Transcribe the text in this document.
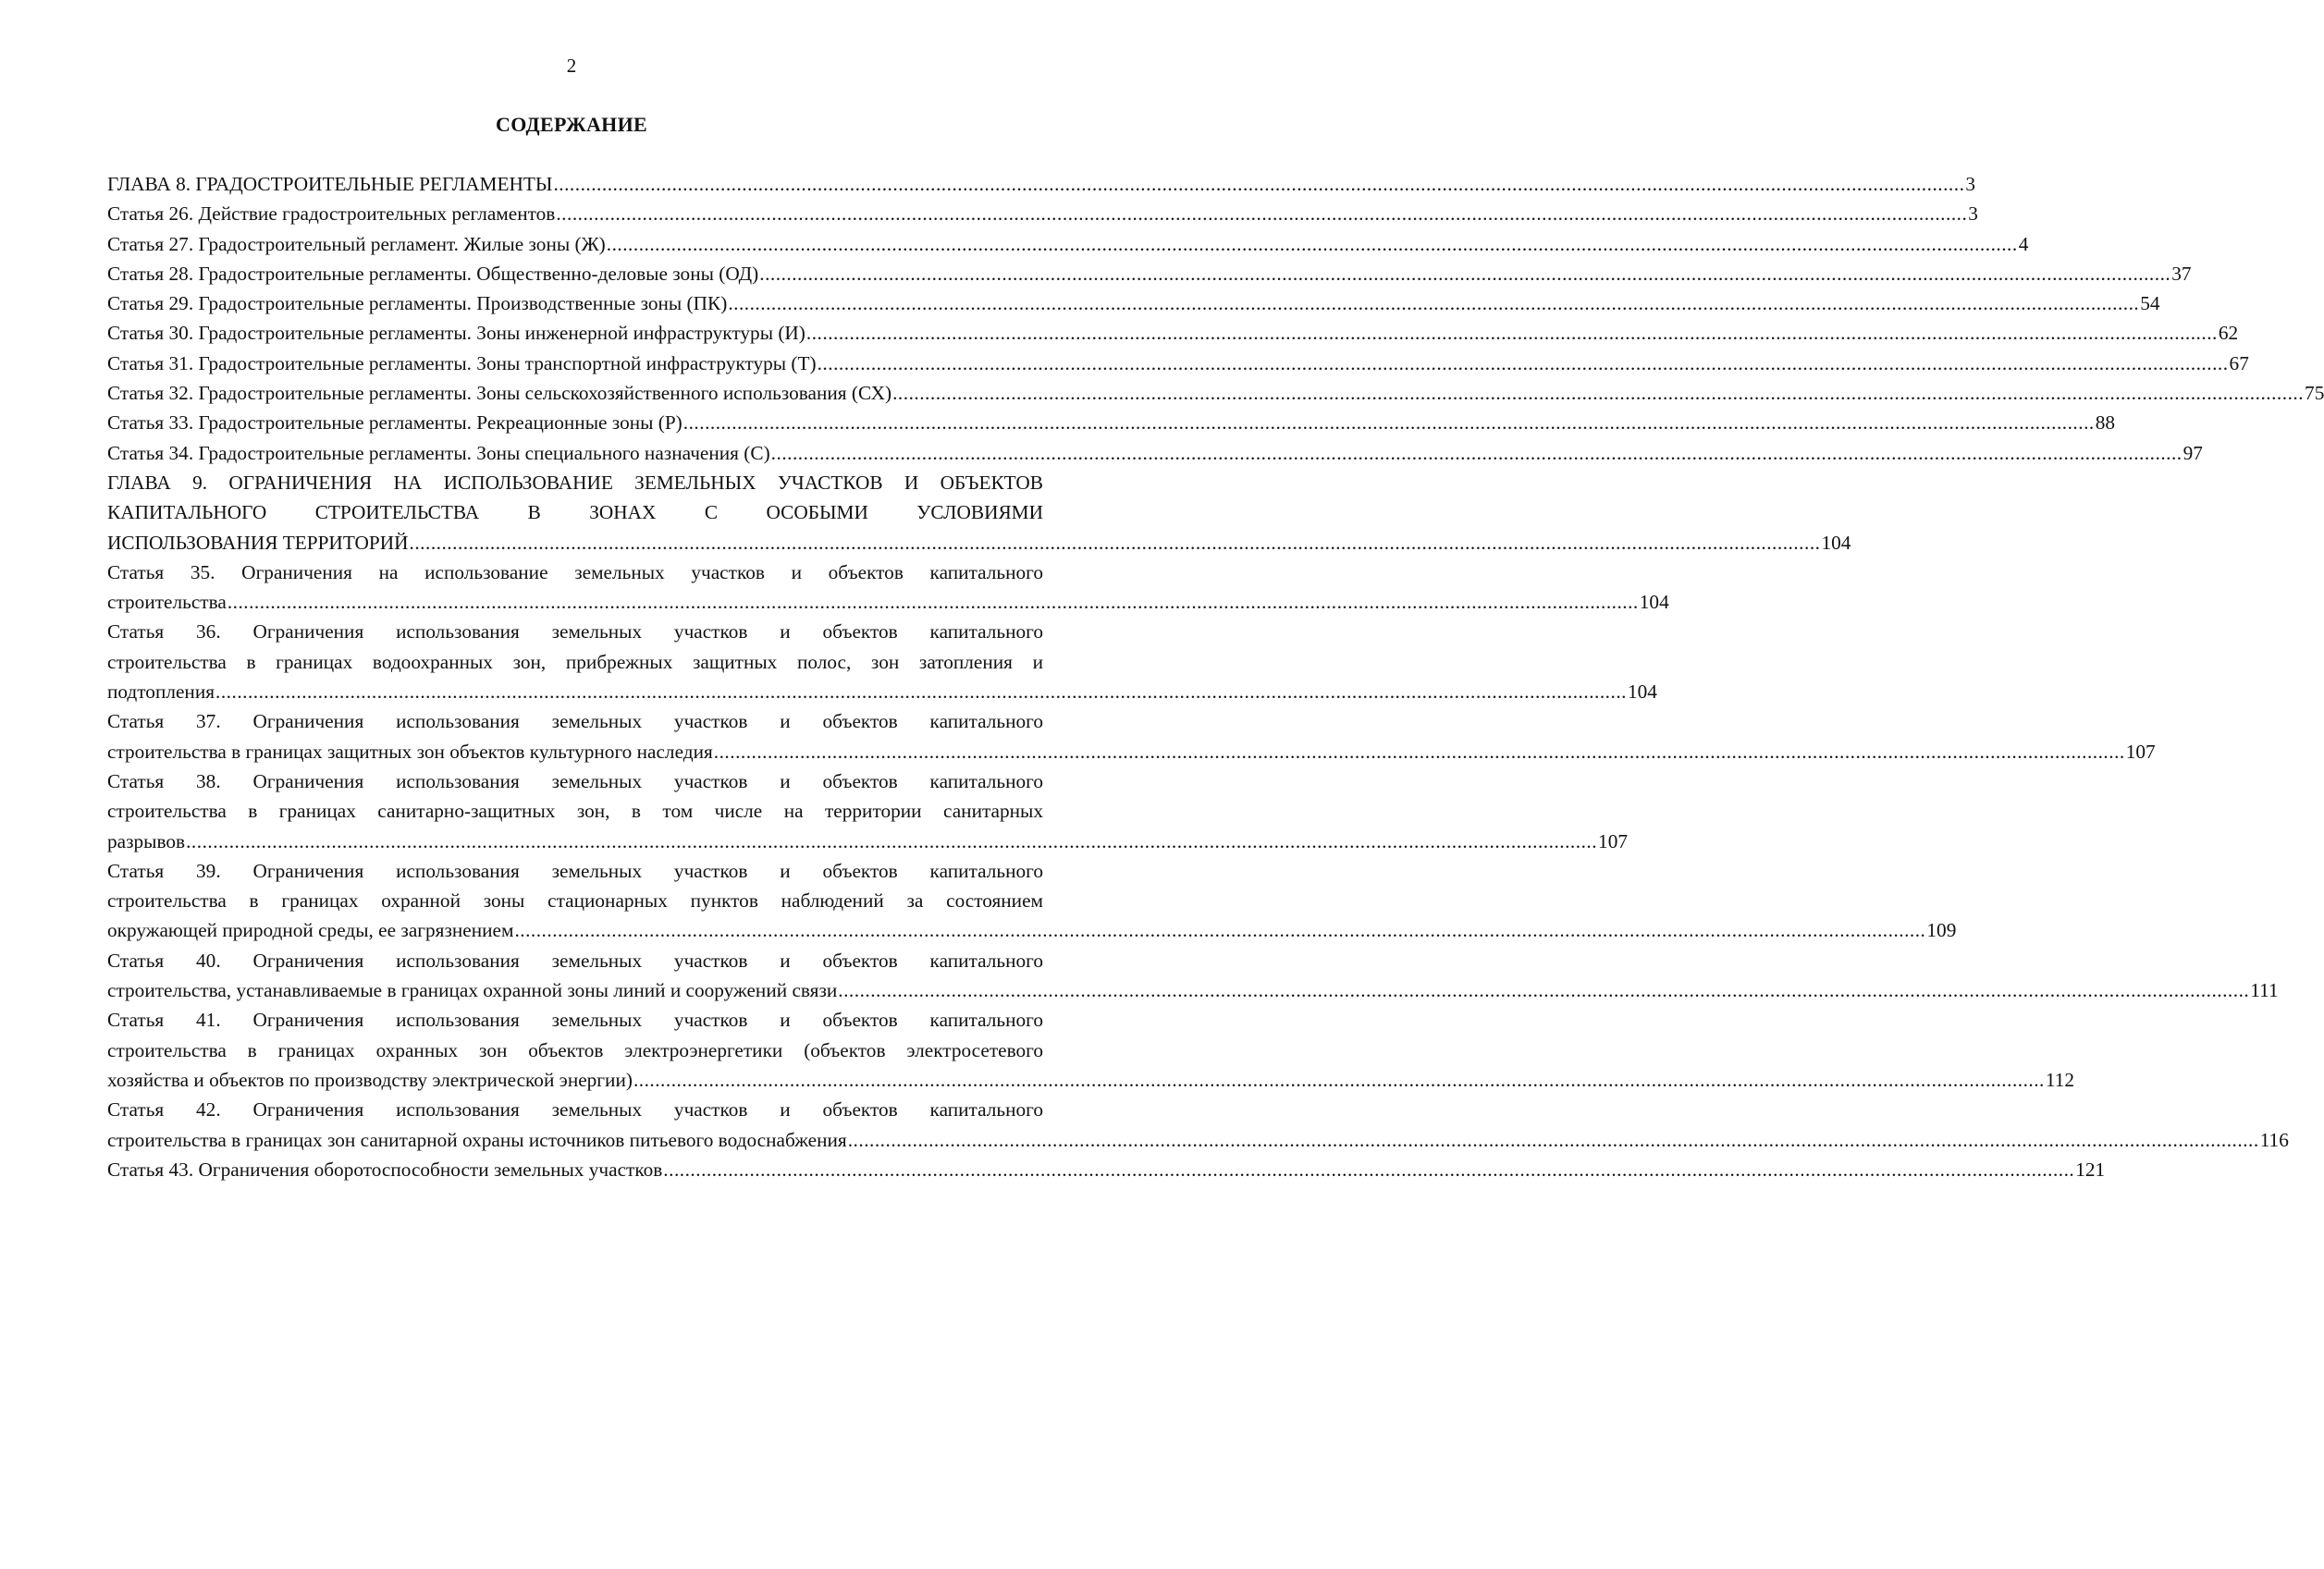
2
СОДЕРЖАНИЕ
ГЛАВА 8. ГРАДОСТРОИТЕЛЬНЫЕ РЕГЛАМЕНТЫ .....	3
Статья 26. Действие градостроительных регламентов .....	3
Статья 27. Градостроительный регламент. Жилые зоны (Ж) .....	4
Статья 28. Градостроительные регламенты. Общественно-деловые зоны (ОД) .....	37
Статья 29. Градостроительные регламенты. Производственные зоны (ПК) .....	54
Статья 30. Градостроительные регламенты. Зоны инженерной инфраструктуры (И) .....	62
Статья 31. Градостроительные регламенты. Зоны транспортной инфраструктуры (Т) .....	67
Статья 32. Градостроительные регламенты. Зоны сельскохозяйственного использования (СХ) .....	75
Статья 33. Градостроительные регламенты. Рекреационные зоны (Р) .....	88
Статья 34. Градостроительные регламенты. Зоны специального назначения (С) .....	97
ГЛАВА 9. ОГРАНИЧЕНИЯ НА ИСПОЛЬЗОВАНИЕ ЗЕМЕЛЬНЫХ УЧАСТКОВ И ОБЪЕКТОВ
КАПИТАЛЬНОГО СТРОИТЕЛЬСТВА В ЗОНАХ С ОСОБЫМИ УСЛОВИЯМИ
ИСПОЛЬЗОВАНИЯ ТЕРРИТОРИЙ .....	104
Статья 35. Ограничения на использование земельных участков и объектов капитального
строительства .....	104
Статья 36. Ограничения использования земельных участков и объектов капитального
строительства в границах водоохранных зон, прибрежных защитных полос, зон затопления и
подтопления .....	104
Статья 37. Ограничения использования земельных участков и объектов капитального
строительства в границах защитных зон объектов культурного наследия .....	107
Статья 38. Ограничения использования земельных участков и объектов капитального
строительства в границах санитарно-защитных зон, в том числе на территории санитарных
разрывов .....	107
Статья 39. Ограничения использования земельных участков и объектов капитального
строительства в границах охранной зоны стационарных пунктов наблюдений за состоянием
окружающей природной среды, ее загрязнением .....	109
Статья 40. Ограничения использования земельных участков и объектов капитального
строительства, устанавливаемые в границах охранной зоны линий и сооружений связи .....	111
Статья 41. Ограничения использования земельных участков и объектов капитального
строительства в границах охранных зон объектов электроэнергетики (объектов электросетевого
хозяйства и объектов по производству электрической энергии) .....	112
Статья 42. Ограничения использования земельных участков и объектов капитального
строительства в границах зон санитарной охраны источников питьевого водоснабжения .....	116
Статья 43. Ограничения оборотоспособности земельных участков .....	121
